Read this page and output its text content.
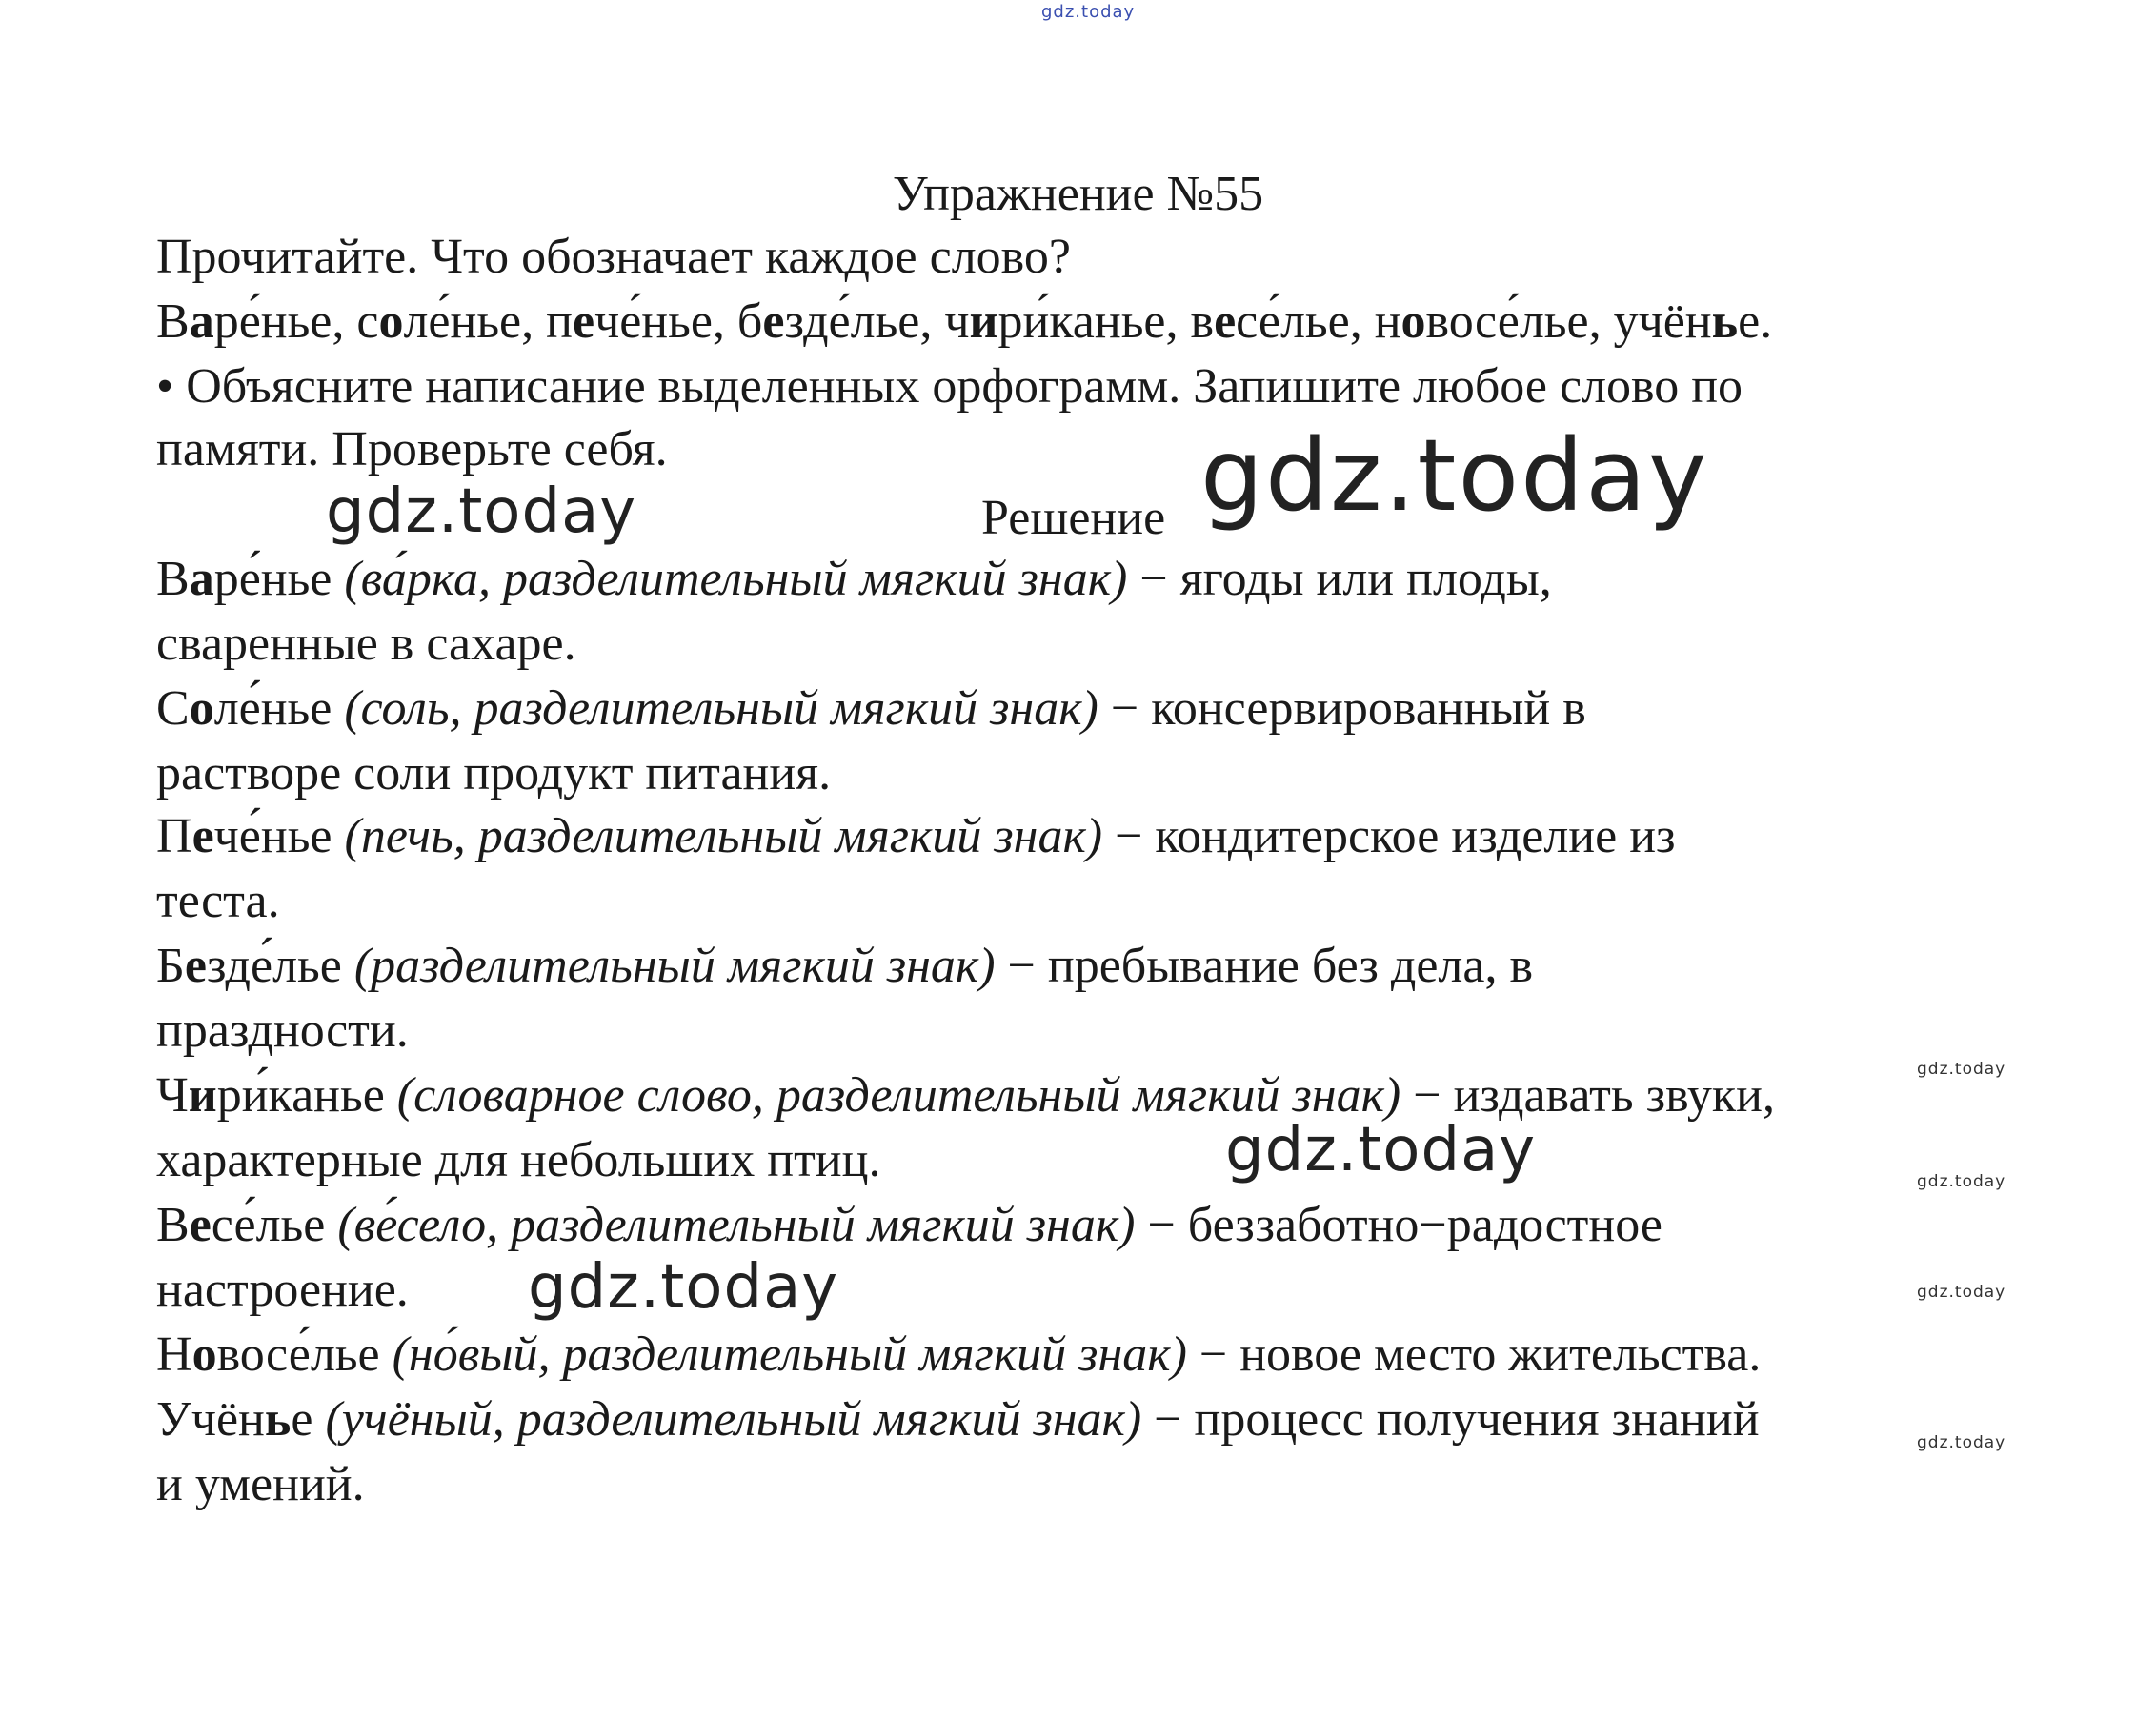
gdz.today
Упражнение №55
Прочитайте. Что обозначает каждое слово?
Варе́нье, соле́нье, пече́нье, безде́лье, чири́канье, весе́лье, новосе́лье, учёнье.
• Объясните написание выделенных орфограмм. Запишите любое слово по
памяти. Проверьте себя.
Решение gdz.today
gdz.today
Варе́нье (ва́рка, разделительный мягкий знак) − ягоды или плоды,
сваренные в сахаре.
Соле́нье (соль, разделительный мягкий знак) − консервированный в
растворе соли продукт питания.
Пече́нье (печь, разделительный мягкий знак) − кондитерское изделие из
теста.
Безде́лье (разделительный мягкий знак) − пребывание без дела, в
праздности.
Чири́канье (словарное слово, разделительный мягкий знак) − издавать звуки,
характерные для небольших птиц.	gdz.today
Весе́лье (ве́село, разделительный мягкий знак) − беззаботно−радостное
настроение. gdz.today
Новосе́лье (но́вый, разделительный мягкий знак) − новое место жительства.
Учёнье (учёный, разделительный мягкий знак) − процесс получения знаний
и умений.
gdz.today
gdz.today
gdz.today
gdz.today
